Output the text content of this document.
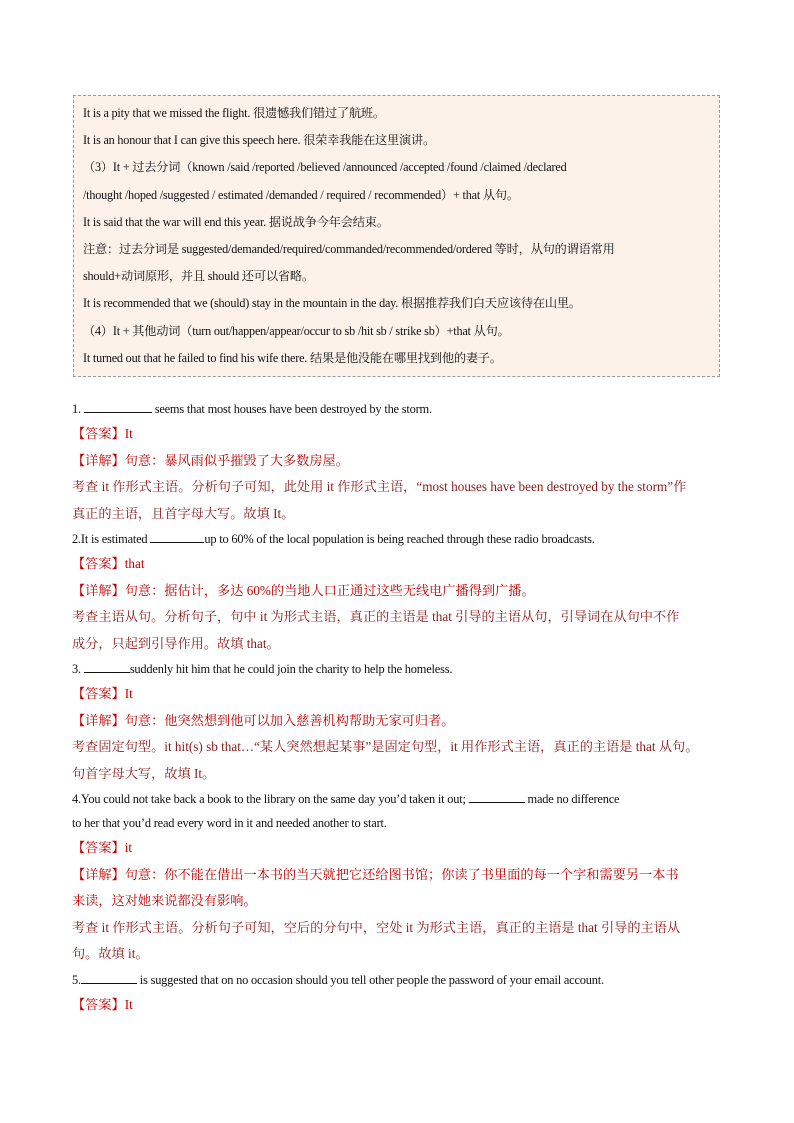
It is a pity that we missed the flight. 很遗憾我们错过了航班。
It is an honour that I can give this speech here. 很荣幸我能在这里演讲。
（3）It + 过去分词（known /said /reported /believed /announced /accepted /found /claimed /declared
/thought /hoped /suggested / estimated /demanded / required / recommended）+ that 从句。
It is said that the war will end this year. 据说战争今年会结束。
注意：过去分词是 suggested/demanded/required/commanded/recommended/ordered 等时，从句的谓语常用
should+动词原形，并且 should 还可以省略。
It is recommended that we (should) stay in the mountain in the day. 根据推荐我们白天应该待在山里。
（4）It + 其他动词（turn out/happen/appear/occur to sb /hit sb / strike sb）+that 从句。
It turned out that he failed to find his wife there. 结果是他没能在哪里找到他的妻子。
1.	seems that most houses have been destroyed by the storm.
【答案】It
【详解】句意：暴风雨似乎摧毁了大多数房屋。
考查 it 作形式主语。分析句子可知，此处用 it 作形式主语，“most houses have been destroyed by the storm”作
真正的主语，且首字母大写。故填 It。
2.It is estimated	up to 60% of the local population is being reached through these radio broadcasts.
【答案】that
【详解】句意：据估计，多达 60%的当地人口正通过这些无线电广播得到广播。
考查主语从句。分析句子，句中 it 为形式主语，真正的主语是 that 引导的主语从句，引导词在从句中不作
成分，只起到引导作用。故填 that。
3.	suddenly hit him that he could join the charity to help the homeless.
【答案】It
【详解】句意：他突然想到他可以加入慈善机构帮助无家可归者。
考查固定句型。it hit(s) sb that…“某人突然想起某事”是固定句型，it 用作形式主语，真正的主语是 that 从句。
句首字母大写，故填 It。
4.You could not take back a book to the library on the same day you’d taken it out;	made no difference
to her that you’d read every word in it and needed another to start.
【答案】it
【详解】句意：你不能在借出一本书的当天就把它还给图书馆；你读了书里面的每一个字和需要另一本书
来读，这对她来说都没有影响。
考查 it 作形式主语。分析句子可知，空后的分句中，空处 it 为形式主语，真正的主语是 that 引导的主语从
句。故填 it。
5.	is suggested that on no occasion should you tell other people the password of your email account.
【答案】It
